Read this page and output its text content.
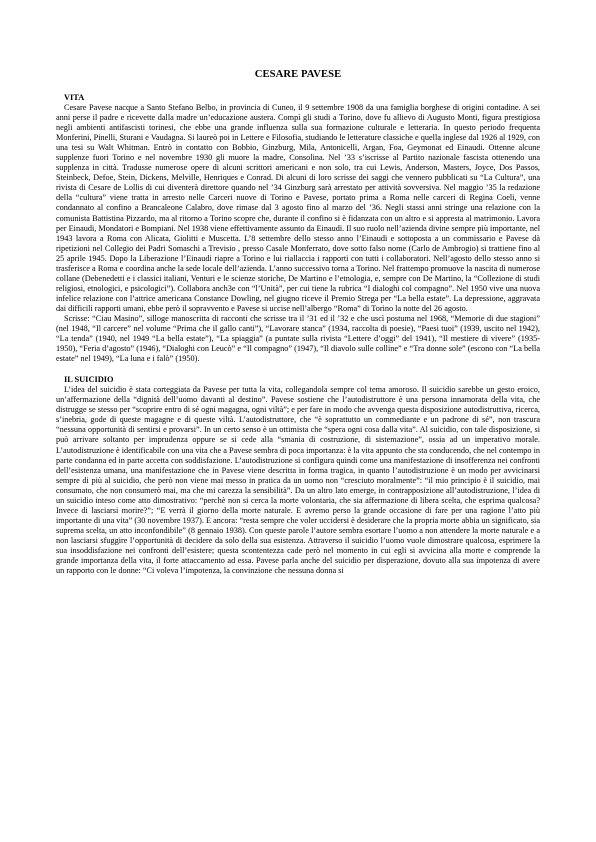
CESARE PAVESE
VITA

Cesare Pavese nacque a Santo Stefano Belbo, in provincia di Cuneo, il 9 settembre 1908 da una famiglia borghese di origini contadine. A sei anni perse il padre e ricevette dalla madre un’educazione austera. Compì gli studi a Torino, dove fu allievo di Augusto Monti, figura prestigiosa negli ambienti antifascisti torinesi, che ebbe una grande influenza sulla sua formazione culturale e letteraria. In questo periodo frequenta Monferini, Pinelli, Sturani e Vaudagna. Si laureò poi in Lettere e Filosofia, studiando le letterature classiche e quella inglese dal 1926 al 1929, con una tesi su Walt Whitman. Entrò in contatto con Bobbio, Ginzburg, Mila, Antonicelli, Argan, Foa, Geymonat ed Einaudi. Ottenne alcune supplenze fuori Torino e nel novembre 1930 gli muore la madre, Consolina. Nel ’33 s’iscrisse al Partito nazionale fascista ottenendo una supplenza in città. Tradusse numerose opere di alcuni scrittori americani e non solo, tra cui Lewis, Anderson, Masters, Joyce, Dos Passos, Steinbeck, Defoe, Stein, Dickens, Melville, Henriques e Conrad. Di alcuni di loro scrisse dei saggi che vennero pubblicati su “La Cultura”, una rivista di Cesare de Lollis di cui diventerà direttore quando nel ’34 Ginzburg sarà arrestato per attività sovversiva. Nel maggio ’35 la redazione della “cultura” viene tratta in arresto nelle Carceri nuove di Torino e Pavese, portato prima a Roma nelle carceri di Regina Coeli, venne condannato al confino a Brancaleone Calabro, dove rimase dal 3 agosto fino al marzo del ’36. Negli stassi anni stringe una relazione con la comunista Battistina Pizzardo, ma al ritorno a Torino scopre che, durante il confino si è fidanzata con un altro e si appresta al matrimonio. Lavora per Einaudi, Mondatori e Bompiani. Nel 1938 viene effettivamente assunto da Einaudi. Il suo ruolo nell’azienda divine sempre più importante, nel 1943 lavora a Roma con Alicata, Giolitti e Muscetta. L’8 settembre dello stesso anno l’Einaudi e sottoposta a un commissario e Pavese dà ripetizioni nel Collegio dei Padri Somaschi a Trevisio , presso Casale Monferrato, dove sotto falso nome (Carlo de Ambrogio) si trattiene fino al 25 aprile 1945. Dopo la Liberazione l’Einaudi riapre a Torino e lui riallaccia i rapporti con tutti i collaboratori. Nell’agosto dello stesso anno si trasferisce a Roma e coordina anche la sede locale dell’azienda. L’anno successivo torna a Torino. Nel frattempo promuove la nascita di numerose collane (Debenedetti e i classici italiani, Venturi e le scienze storiche, De Martino e l’etnologia, e, sempre con De Martino, la “Collezione di studi religiosi, etnologici, e psicologici”). Collabora anch3e con “l’Unità”, per cui tiene la rubrica “I dialoghi col compagno”. Nel 1950 vive una nuova infelice relazione con l’attrice americana Constance Dowling, nel giugno riceve il Premio Strega per “La bella estate”. La depressione, aggravata dai difficili rapporti umani, ebbe però il sopravvento e Pavese si uccise nell’albergo “Roma” di Torino la notte del 26 agosto.

Scrisse: “Ciau Masino”, silloge manoscritta di racconti che scrisse tra il ’31 ed il ’32 e che uscì postuma nel 1968, “Memorie di due stagioni” (nel 1948, “Il carcere” nel volume “Prima che il gallo canti”), “Lavorare stanca” (1934, raccolta di poesie), “Paesi tuoi” (1939, uscito nel 1942), “La tenda” (1940, nel 1949 “La bella estate”), “La spiaggia” (a puntate sulla rivista “Lettere d’oggi” del 1941), “Il mestiere di vivere” (1935-1950), “Feria d’agosto” (1946), “Dialoghi con Leucò” e “Il compagno” (1947), “Il diavolo sulle colline” e “Tra donne sole” (escono con “La bella estate” nel 1949), “La luna e i falò” (1950).

IL SUICIDIO

L’idea del suicidio è stata corteggiata da Pavese per tutta la vita, collegandola sempre col tema amoroso. Il suicidio sarebbe un gesto eroico, un’affermazione della “dignità dell’uomo davanti al destino”. Pavese sostiene che l’autodistruttore è una persona innamorata della vita, che distrugge se stesso per “scoprire entro di sé ogni magagna, ogni viltà”; e per fare in modo che avvenga questa disposizione autodistruttiva, ricerca, s’inebria, gode di queste magagne e di queste viltà. L’autodistruttore, che “è soprattutto un commediante e un padrone di sé”, non trascura “nessuna opportunità di sentirsi e provarsi”. In un certo senso è un ottimista che “spera ogni cosa dalla vita”. Al suicidio, con tale disposizione, si può arrivare soltanto per imprudenza oppure se si cede alla “smania di costruzione, di sistemazione”, ossia ad un imperativo morale. L’autodistruzione è identificabile con una vita che a Pavese sembra di poca importanza: è la vita appunto che sta conducendo, che nel contempo in parte condanna ed in parte accetta con soddisfazione. L’autodistruzione si configura quindi come una manifestazione di insofferenza nei confronti dell’esistenza umana, una manifestazione che in Pavese viene descritta in forma tragica, in quanto l’autodistruzione è un modo per avvicinarsi sempre di più al suicidio, che però non viene mai messo in pratica da un uomo non “cresciuto moralmente”: “il mio principio è il suicidio, mai consumato, che non consumerò mai, ma che mi carezza la sensibilità”. Da un altro lato emerge, in contrapposizione all’autodistruzione, l’idea di un suicidio inteso come atto dimostrativo: “perchè non si cerca la morte volontaria, che sia affermazione di libera scelta, che esprima qualcosa? Invece di lasciarsi morire?”; “E verrà il giorno della morte naturale. E avremo perso la grande occasione di fare per una ragione l’atto più importante di una vita” (30 novembre 1937). E ancora: “resta sempre che voler uccidersi è desiderare che la propria morte abbia un significato, sia suprema scelta, un atto inconfondibile” (8 gennaio 1938). Con queste parole l’autore sembra esortare l’uomo a non attendere la morte naturale e a non lasciarsi sfuggire l’opportunità di decidere da solo della sua esistenza. Attraverso il suicidio l’uomo vuole dimostrare qualcosa, esprimere la sua insoddisfazione nei confronti dell’esistere; questa scontentezza cade però nel momento in cui egli si avvicina alla morte e comprende la grande importanza della vita, il forte attaccamento ad essa. Pavese parla anche del suicidio per disperazione, dovuto alla sua impotenza di avere un rapporto con le donne: “Ci voleva l’impotenza, la convinzione che nessuna donna si
